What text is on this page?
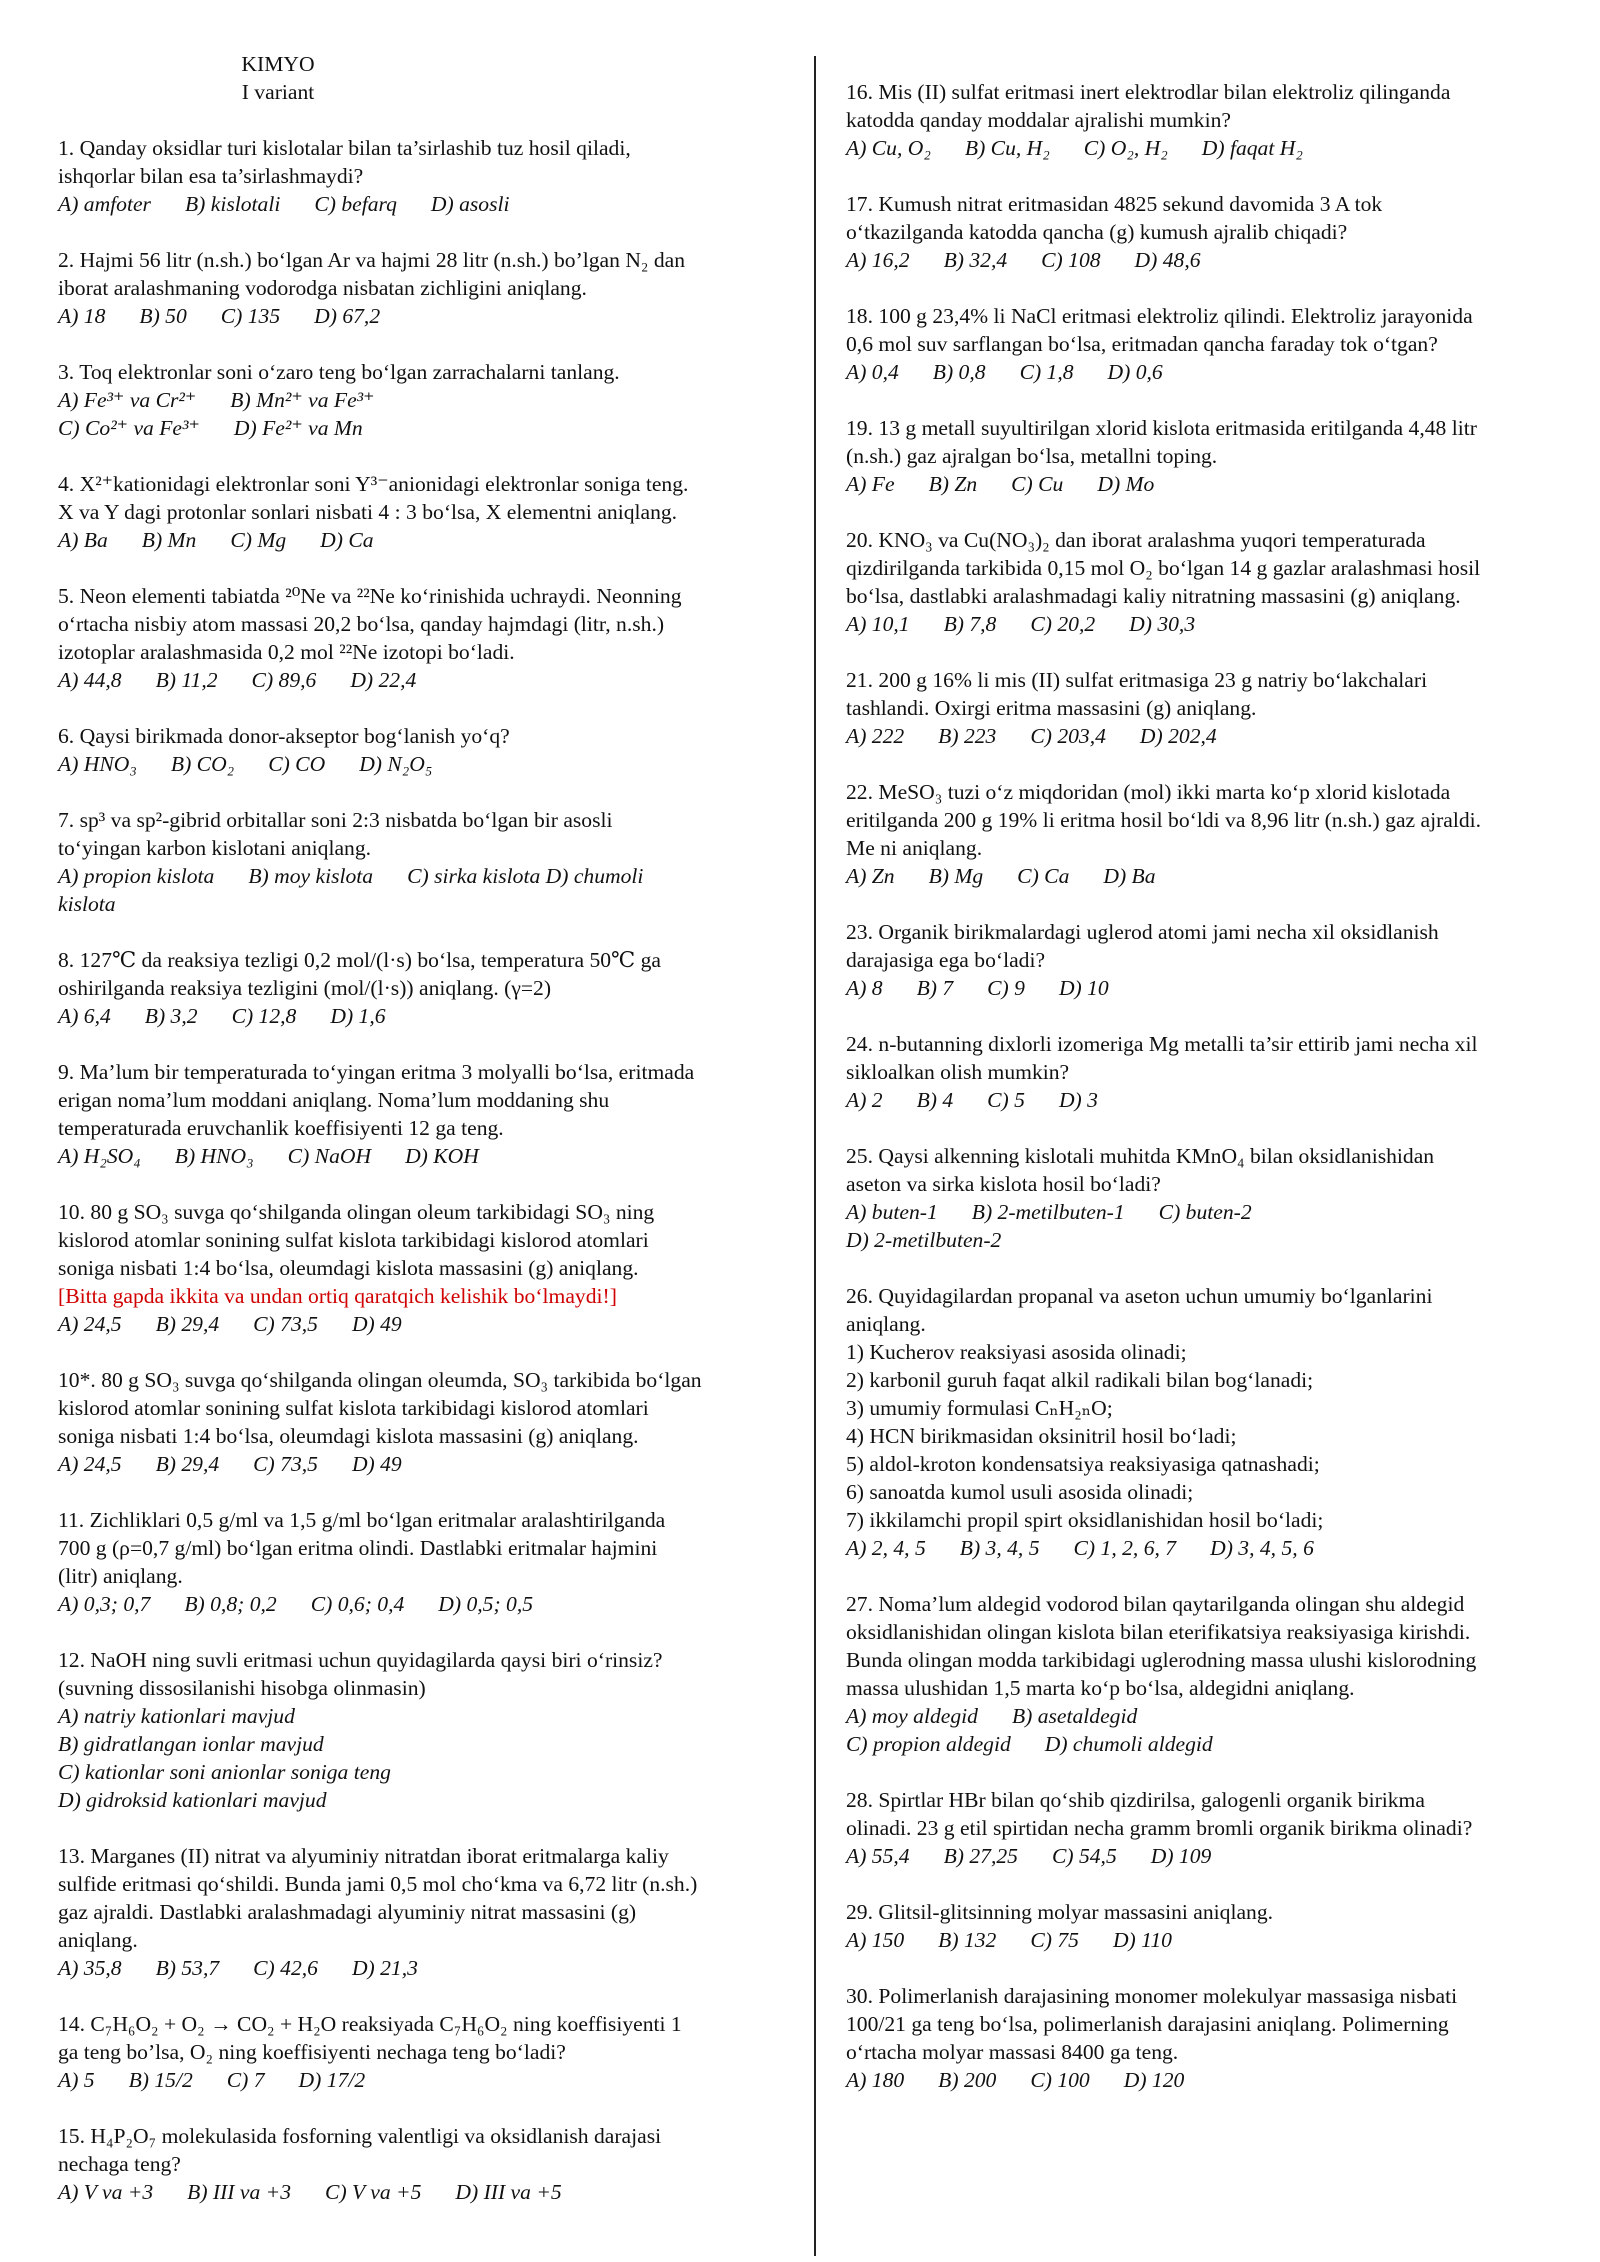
KIMYO
I variant
1. Qanday oksidlar turi kislotalar bilan ta’sirlashib tuz hosil qiladi,
ishqorlar bilan esa ta’sirlashmaydi?
A) amfoter B) kislotali C) befarq D) asosli
2. Hajmi 56 litr (n.sh.) bo‘lgan Ar va hajmi 28 litr (n.sh.) bo’lgan N₂ dan
iborat aralashmaning vodorodga nisbatan zichligini aniqlang.
A) 18 B) 50 C) 135 D) 67,2
3. Toq elektronlar soni o‘zaro teng bo‘lgan zarrachalarni tanlang.
A) Fe³⁺ va Cr²⁺ B) Mn²⁺ va Fe³⁺
C) Co²⁺ va Fe³⁺ D) Fe²⁺ va Mn
4. X²⁺kationidagi elektronlar soni Y³⁻anionidagi elektronlar soniga teng.
X va Y dagi protonlar sonlari nisbati 4 : 3 bo‘lsa, X elementni aniqlang.
A) Ba B) Mn C) Mg D) Ca
5. Neon elementi tabiatda ²⁰Ne va ²²Ne ko‘rinishida uchraydi. Neonning
o‘rtacha nisbiy atom massasi 20,2 bo‘lsa, qanday hajmdagi (litr, n.sh.)
izotoplar aralashmasida 0,2 mol ²²Ne izotopi bo‘ladi.
A) 44,8 B) 11,2 C) 89,6 D) 22,4
6. Qaysi birikmada donor-akseptor bog‘lanish yo‘q?
A) HNO₃ B) CO₂ C) CO D) N₂O₅
7. sp³ va sp²-gibrid orbitallar soni 2:3 nisbatda bo‘lgan bir asosli
to‘yingan karbon kislotani aniqlang.
A) propion kislota B) moy kislota C) sirka kislota D) chumoli
kislota
8. 127℃ da reaksiya tezligi 0,2 mol/(l·s) bo‘lsa, temperatura 50℃ ga
oshirilganda reaksiya tezligini (mol/(l·s)) aniqlang. (γ=2)
A) 6,4 B) 3,2 C) 12,8 D) 1,6
9. Ma’lum bir temperaturada to‘yingan eritma 3 molyalli bo‘lsa, eritmada
erigan noma’lum moddani aniqlang. Noma’lum moddaning shu
temperaturada eruvchanlik koeffisiyenti 12 ga teng.
A) H₂SO₄ B) HNO₃ C) NaOH D) KOH
10. 80 g SO₃ suvga qo‘shilganda olingan oleum tarkibidagi SO₃ ning
kislorod atomlar sonining sulfat kislota tarkibidagi kislorod atomlari
soniga nisbati 1:4 bo‘lsa, oleumdagi kislota massasini (g) aniqlang.
[Bitta gapda ikkita va undan ortiq qaratqich kelishik bo‘lmaydi!]
A) 24,5 B) 29,4 C) 73,5 D) 49
10*. 80 g SO₃ suvga qo‘shilganda olingan oleumda, SO₃ tarkibida bo‘lgan
kislorod atomlar sonining sulfat kislota tarkibidagi kislorod atomlari
soniga nisbati 1:4 bo‘lsa, oleumdagi kislota massasini (g) aniqlang.
A) 24,5 B) 29,4 C) 73,5 D) 49
11. Zichliklari 0,5 g/ml va 1,5 g/ml bo‘lgan eritmalar aralashtirilganda
700 g (ρ=0,7 g/ml) bo‘lgan eritma olindi. Dastlabki eritmalar hajmini
(litr) aniqlang.
A) 0,3; 0,7 B) 0,8; 0,2 C) 0,6; 0,4 D) 0,5; 0,5
12. NaOH ning suvli eritmasi uchun quyidagilarda qaysi biri o‘rinsiz?
(suvning dissosilanishi hisobga olinmasin)
A) natriy kationlari mavjud
B) gidratlangan ionlar mavjud
C) kationlar soni anionlar soniga teng
D) gidroksid kationlari mavjud
13. Marganes (II) nitrat va alyuminiy nitratdan iborat eritmalarga kaliy
sulfide eritmasi qo‘shildi. Bunda jami 0,5 mol cho‘kma va 6,72 litr (n.sh.)
gaz ajraldi. Dastlabki aralashmadagi alyuminiy nitrat massasini (g)
aniqlang.
A) 35,8 B) 53,7 C) 42,6 D) 21,3
14. C₇H₆O₂ + O₂ → CO₂ + H₂O reaksiyada C₇H₆O₂ ning koeffisiyenti 1
ga teng bo’lsa, O₂ ning koeffisiyenti nechaga teng bo‘ladi?
A) 5 B) 15/2 C) 7 D) 17/2
15. H₄P₂O₇ molekulasida fosforning valentligi va oksidlanish darajasi
nechaga teng?
A) V va +3 B) III va +3 C) V va +5 D) III va +5
16. Mis (II) sulfat eritmasi inert elektrodlar bilan elektroliz qilinganda
katodda qanday moddalar ajralishi mumkin?
A) Cu, O₂ B) Cu, H₂ C) O₂, H₂ D) faqat H₂
17. Kumush nitrat eritmasidan 4825 sekund davomida 3 A tok
o‘tkazilganda katodda qancha (g) kumush ajralib chiqadi?
A) 16,2 B) 32,4 C) 108 D) 48,6
18. 100 g 23,4% li NaCl eritmasi elektroliz qilindi. Elektroliz jarayonida
0,6 mol suv sarflangan bo‘lsa, eritmadan qancha faraday tok o‘tgan?
A) 0,4 B) 0,8 C) 1,8 D) 0,6
19. 13 g metall suyultirilgan xlorid kislota eritmasida eritilganda 4,48 litr
(n.sh.) gaz ajralgan bo‘lsa, metallni toping.
A) Fe B) Zn C) Cu D) Mo
20. KNO₃ va Cu(NO₃)₂ dan iborat aralashma yuqori temperaturada
qizdirilganda tarkibida 0,15 mol O₂ bo‘lgan 14 g gazlar aralashmasi hosil
bo‘lsa, dastlabki aralashmadagi kaliy nitratning massasini (g) aniqlang.
A) 10,1 B) 7,8 C) 20,2 D) 30,3
21. 200 g 16% li mis (II) sulfat eritmasiga 23 g natriy bo‘lakchalari
tashlandi. Oxirgi eritma massasini (g) aniqlang.
A) 222 B) 223 C) 203,4 D) 202,4
22. MeSO₃ tuzi o‘z miqdoridan (mol) ikki marta ko‘p xlorid kislotada
eritilganda 200 g 19% li eritma hosil bo‘ldi va 8,96 litr (n.sh.) gaz ajraldi.
Me ni aniqlang.
A) Zn B) Mg C) Ca D) Ba
23. Organik birikmalardagi uglerod atomi jami necha xil oksidlanish
darajasiga ega bo‘ladi?
A) 8 B) 7 C) 9 D) 10
24. n-butanning dixlorli izomeriga Mg metalli ta’sir ettirib jami necha xil
sikloalkan olish mumkin?
A) 2 B) 4 C) 5 D) 3
25. Qaysi alkenning kislotali muhitda KMnO₄ bilan oksidlanishidan
aseton va sirka kislota hosil bo‘ladi?
A) buten-1 B) 2-metilbuten-1 C) buten-2
D) 2-metilbuten-2
26. Quyidagilardan propanal va aseton uchun umumiy bo‘lganlarini
aniqlang.
1) Kucherov reaksiyasi asosida olinadi;
2) karbonil guruh faqat alkil radikali bilan bog‘lanadi;
3) umumiy formulasi CₙH₂ₙO;
4) HCN birikmasidan oksinitril hosil bo‘ladi;
5) aldol-kroton kondensatsiya reaksiyasiga qatnashadi;
6) sanoatda kumol usuli asosida olinadi;
7) ikkilamchi propil spirt oksidlanishidan hosil bo‘ladi;
A) 2, 4, 5 B) 3, 4, 5 C) 1, 2, 6, 7 D) 3, 4, 5, 6
27. Noma’lum aldegid vodorod bilan qaytarilganda olingan shu aldegid
oksidlanishidan olingan kislota bilan eterifikatsiya reaksiyasiga kirishdi.
Bunda olingan modda tarkibidagi uglerodning massa ulushi kislorodning
massa ulushidan 1,5 marta ko‘p bo‘lsa, aldegidni aniqlang.
A) moy aldegid B) asetaldegid
C) propion aldegid D) chumoli aldegid
28. Spirtlar HBr bilan qo‘shib qizdirilsa, galogenli organik birikma
olinadi. 23 g etil spirtidan necha gramm bromli organik birikma olinadi?
A) 55,4 B) 27,25 C) 54,5 D) 109
29. Glitsil-glitsinning molyar massasini aniqlang.
A) 150 B) 132 C) 75 D) 110
30. Polimerlanish darajasining monomer molekulyar massasiga nisbati
100/21 ga teng bo‘lsa, polimerlanish darajasini aniqlang. Polimerning
o‘rtacha molyar massasi 8400 ga teng.
A) 180 B) 200 C) 100 D) 120
